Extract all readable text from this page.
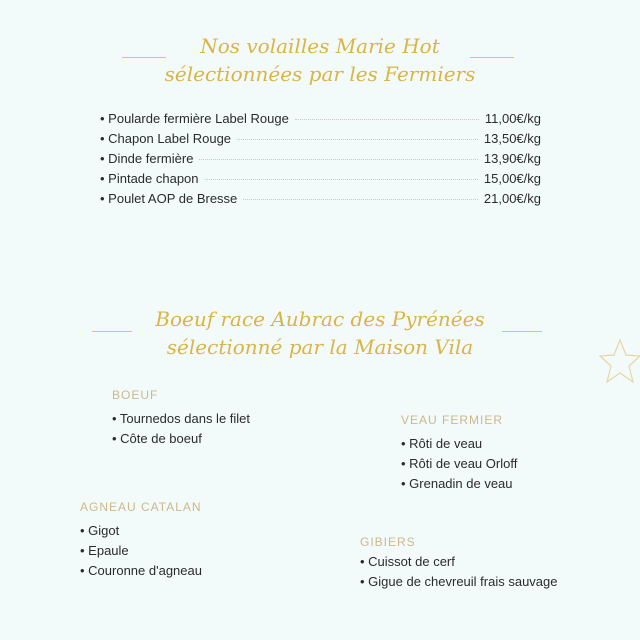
Nos volailles Marie Hot
sélectionnées par les Fermiers
• Poularde fermière Label Rouge	11,00€/kg
• Chapon Label Rouge	13,50€/kg
• Dinde fermière	13,90€/kg
• Pintade chapon	15,00€/kg
• Poulet AOP de Bresse	21,00€/kg
Boeuf race Aubrac des Pyrénées
sélectionné par la Maison Vila
BOEUF
• Tournedos dans le filet
• Côte de boeuf
VEAU FERMIER
• Rôti de veau
• Rôti de veau Orloff
• Grenadin de veau
AGNEAU CATALAN
• Gigot
• Epaule
• Couronne d'agneau
GIBIERS
• Cuissot de cerf
• Gigue de chevreuil frais sauvage
